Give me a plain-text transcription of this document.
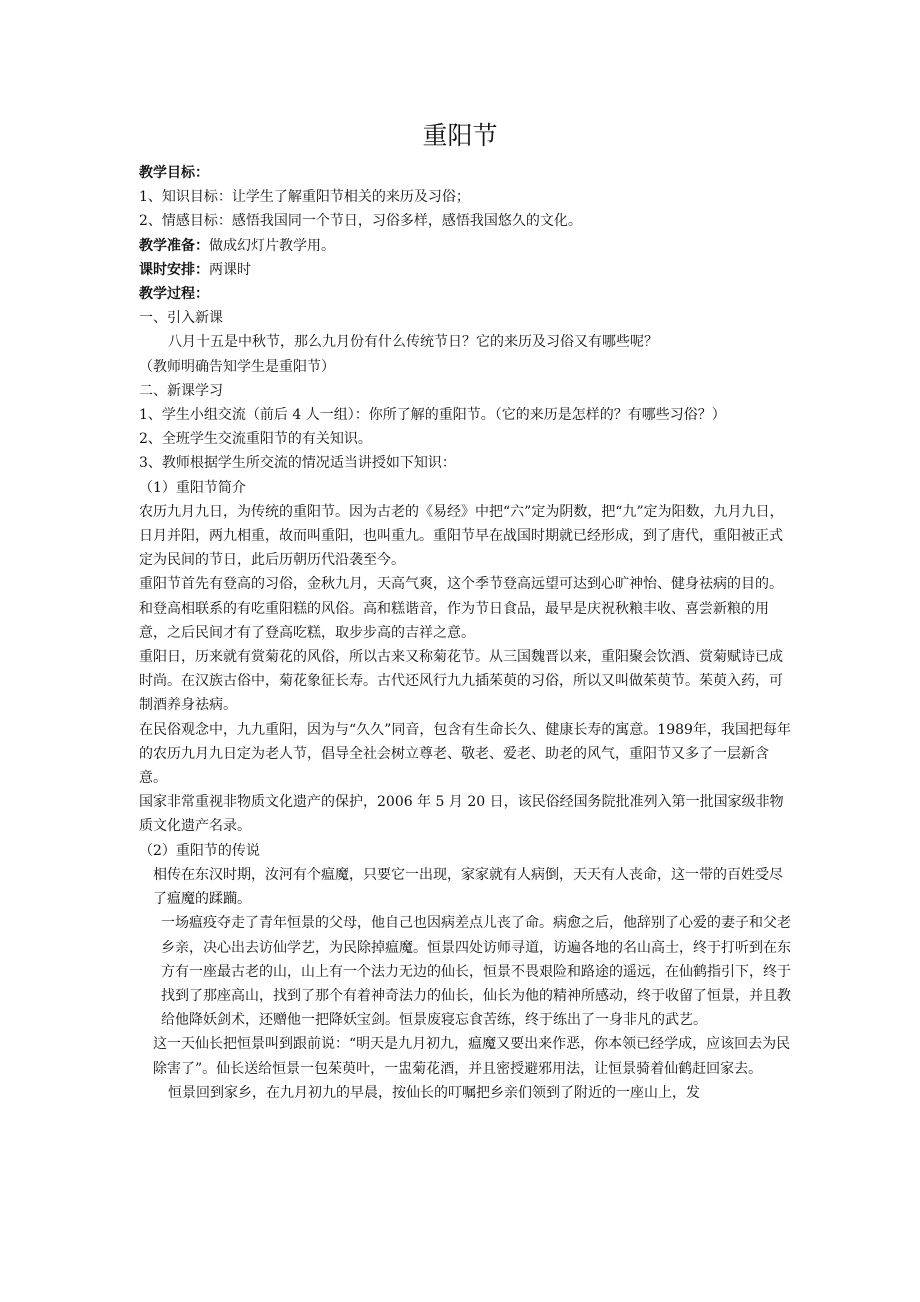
重阳节

教学目标：

1、知识目标：让学生了解重阳节相关的来历及习俗；

2、情感目标：感悟我国同一个节日，习俗多样，感悟我国悠久的文化。

教学准备：做成幻灯片教学用。

课时安排：两课时

教学过程：

一、引入新课

八月十五是中秋节，那么九月份有什么传统节日？它的来历及习俗又有哪些呢？

（教师明确告知学生是重阳节）

二、新课学习

1、学生小组交流（前后 4 人一组）：你所了解的重阳节。（它的来历是怎样的？有哪些习俗？）

2、全班学生交流重阳节的有关知识。

3、教师根据学生所交流的情况适当讲授如下知识：

（1）重阳节简介

农历九月九日，为传统的重阳节。因为古老的《易经》中把“六”定为阴数，把“九”定为阳数，九月九日，日月并阳，两九相重，故而叫重阳，也叫重九。重阳节早在战国时期就已经形成，到了唐代，重阳被正式定为民间的节日，此后历朝历代沿袭至今。

重阳节首先有登高的习俗，金秋九月，天高气爽，这个季节登高远望可达到心旷神怡、健身祛病的目的。和登高相联系的有吃重阳糕的风俗。高和糕谐音，作为节日食品，最早是庆祝秋粮丰收、喜尝新粮的用意，之后民间才有了登高吃糕，取步步高的吉祥之意。

重阳日，历来就有赏菊花的风俗，所以古来又称菊花节。从三国魏晋以来，重阳聚会饮酒、赏菊赋诗已成时尚。在汉族古俗中，菊花象征长寿。古代还风行九九插茱萸的习俗，所以又叫做茱萸节。茱萸入药，可制酒养身祛病。

在民俗观念中，九九重阳，因为与“久久”同音，包含有生命长久、健康长寿的寓意。1989年，我国把每年的农历九月九日定为老人节，倡导全社会树立尊老、敬老、爱老、助老的风气，重阳节又多了一层新含意。

国家非常重视非物质文化遗产的保护，2006 年 5 月 20 日，该民俗经国务院批准列入第一批国家级非物质文化遗产名录。

（2）重阳节的传说

相传在东汉时期，汝河有个瘟魔，只要它一出现，家家就有人病倒，天天有人丧命，这一带的百姓受尽了瘟魔的蹂躏。

一场瘟疫夺走了青年恒景的父母，他自己也因病差点儿丧了命。病愈之后，他辞别了心爱的妻子和父老乡亲，决心出去访仙学艺，为民除掉瘟魔。恒景四处访师寻道，访遍各地的名山高士，终于打听到在东方有一座最古老的山，山上有一个法力无边的仙长，恒景不畏艰险和路途的遥远，在仙鹤指引下，终于找到了那座高山，找到了那个有着神奇法力的仙长，仙长为他的精神所感动，终于收留了恒景，并且教给他降妖剑术，还赠他一把降妖宝剑。恒景废寝忘食苦练，终于练出了一身非凡的武艺。

这一天仙长把恒景叫到跟前说：“明天是九月初九，瘟魔又要出来作恶，你本领已经学成，应该回去为民除害了”。仙长送给恒景一包茱萸叶，一盅菊花酒，并且密授避邪用法，让恒景骑着仙鹤赶回家去。

恒景回到家乡，在九月初九的早晨，按仙长的叮嘱把乡亲们领到了附近的一座山上，发
